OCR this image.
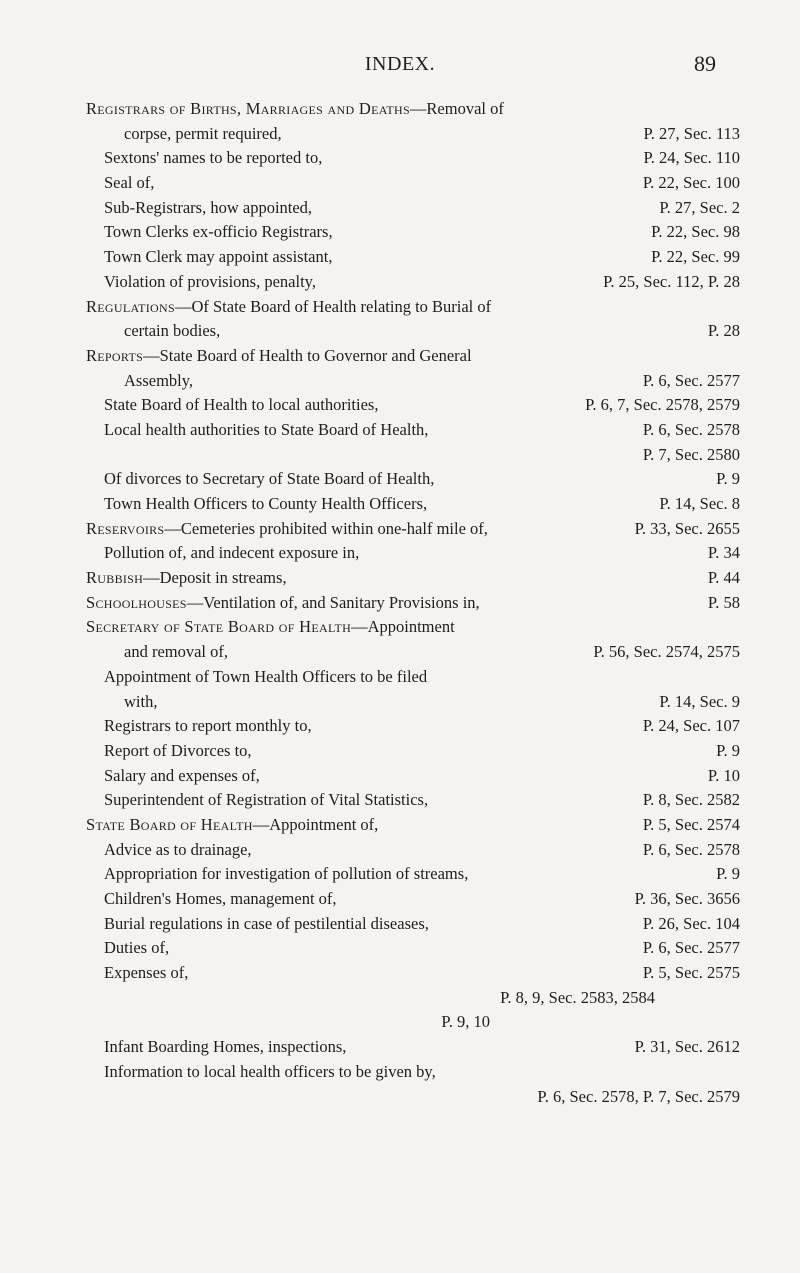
INDEX.	89
Registrars of Births, Marriages and Deaths—Removal of
corpse, permit required,	P. 27, Sec. 113
Sextons' names to be reported to,	P. 24, Sec. 110
Seal of,	P. 22, Sec. 100
Sub-Registrars, how appointed,	P. 27, Sec. 2
Town Clerks ex-officio Registrars,	P. 22, Sec. 98
Town Clerk may appoint assistant,	P. 22, Sec. 99
Violation of provisions, penalty,	P. 25, Sec. 112, P. 28
Regulations—Of State Board of Health relating to Burial of
certain bodies,	P. 28
Reports—State Board of Health to Governor and General
Assembly,	P. 6, Sec. 2577
State Board of Health to local authorities,	P. 6, 7, Sec. 2578, 2579
Local health authorities to State Board of Health,	P. 6, Sec. 2578
P. 7, Sec. 2580
Of divorces to Secretary of State Board of Health,	P. 9
Town Health Officers to County Health Officers,	P. 14, Sec. 8
Reservoirs—Cemeteries prohibited within one-half mile of,	P. 33, Sec. 2655
Pollution of, and indecent exposure in,	P. 34
Rubbish—Deposit in streams,	P. 44
Schoolhouses—Ventilation of, and Sanitary Provisions in,	P. 58
Secretary of State Board of Health—Appointment
and removal of,	P. 56, Sec. 2574, 2575
Appointment of Town Health Officers to be filed
with,	P. 14, Sec. 9
Registrars to report monthly to,	P. 24, Sec. 107
Report of Divorces to,	P. 9
Salary and expenses of,	P. 10
Superintendent of Registration of Vital Statistics,	P. 8, Sec. 2582
State Board of Health—Appointment of,	P. 5, Sec. 2574
Advice as to drainage,	P. 6, Sec. 2578
Appropriation for investigation of pollution of streams,	P. 9
Children's Homes, management of,	P. 36, Sec. 3656
Burial regulations in case of pestilential diseases,	P. 26, Sec. 104
Duties of,	P. 6, Sec. 2577
Expenses of,	P. 5, Sec. 2575
P. 8, 9, Sec. 2583, 2584
P. 9, 10
Infant Boarding Homes, inspections,	P. 31, Sec. 2612
Information to local health officers to be given by,
P. 6, Sec. 2578, P. 7, Sec. 2579
